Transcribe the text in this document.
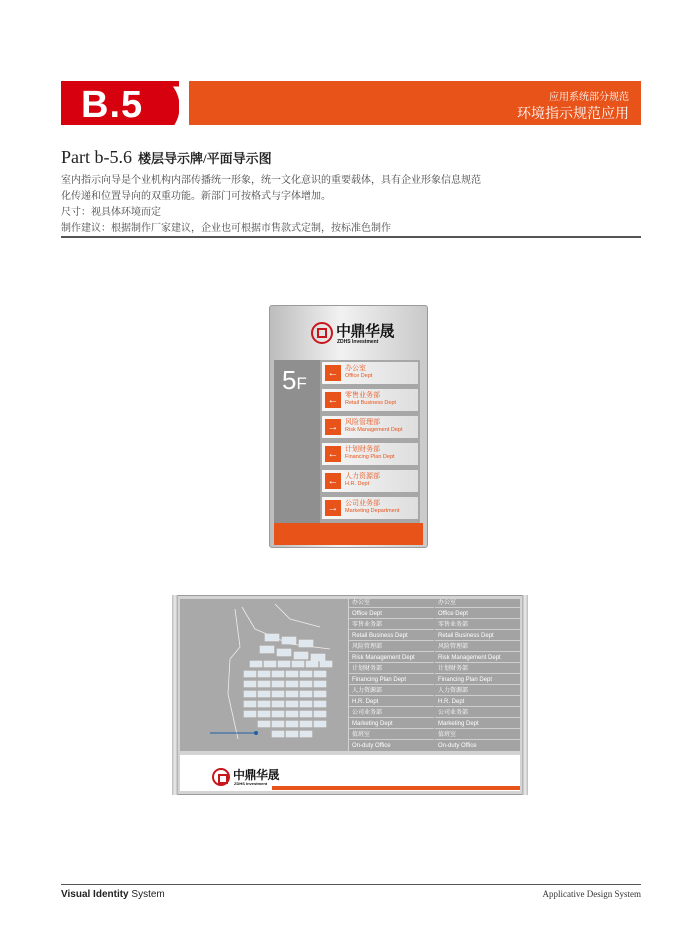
B.5 )	应用系统部分规范
环境指示规范应用
Part b-5.6 楼层导示牌/平面导示图
室内指示向导是个业机构内部传播统一形象，统一文化意识的重要载体，具有企业形象信息规范
化传递和位置导向的双重功能。新部门可按格式与字体增加。
尺寸：视具体环境而定
制作建议：根据制作厂家建议，企业也可根据市售款式定制，按标准色制作
中鼎华晟
ZDHS Investment
5F
← 办公室
Office Dept
← 零售业务部
Retail Business Dept
→ 风险管理部
Risk Management Dept
← 计划财务部
Financing Plan Dept
← 人力资源部
H.R. Dept
→ 公司业务部
Marketing Department
办公室	办公室
Office Dept	Office Dept
零售业务部	零售业务部
Retail Business Dept	Retail Business Dept
风险管理部	风险管理部
Risk Management Dept	Risk Management Dept
计划财务部	计划财务部
Financing Plan Dept	Financing Plan Dept
人力资源部	人力资源部
H.R. Dept	H.R. Dept
公司业务部	公司业务部
Marketing Dept	Marketing Dept
值班室	值班室
On-duty Office	On-duty Office
中鼎华晟
ZDHS Investment
Visual Identity System	Applicative Design System
